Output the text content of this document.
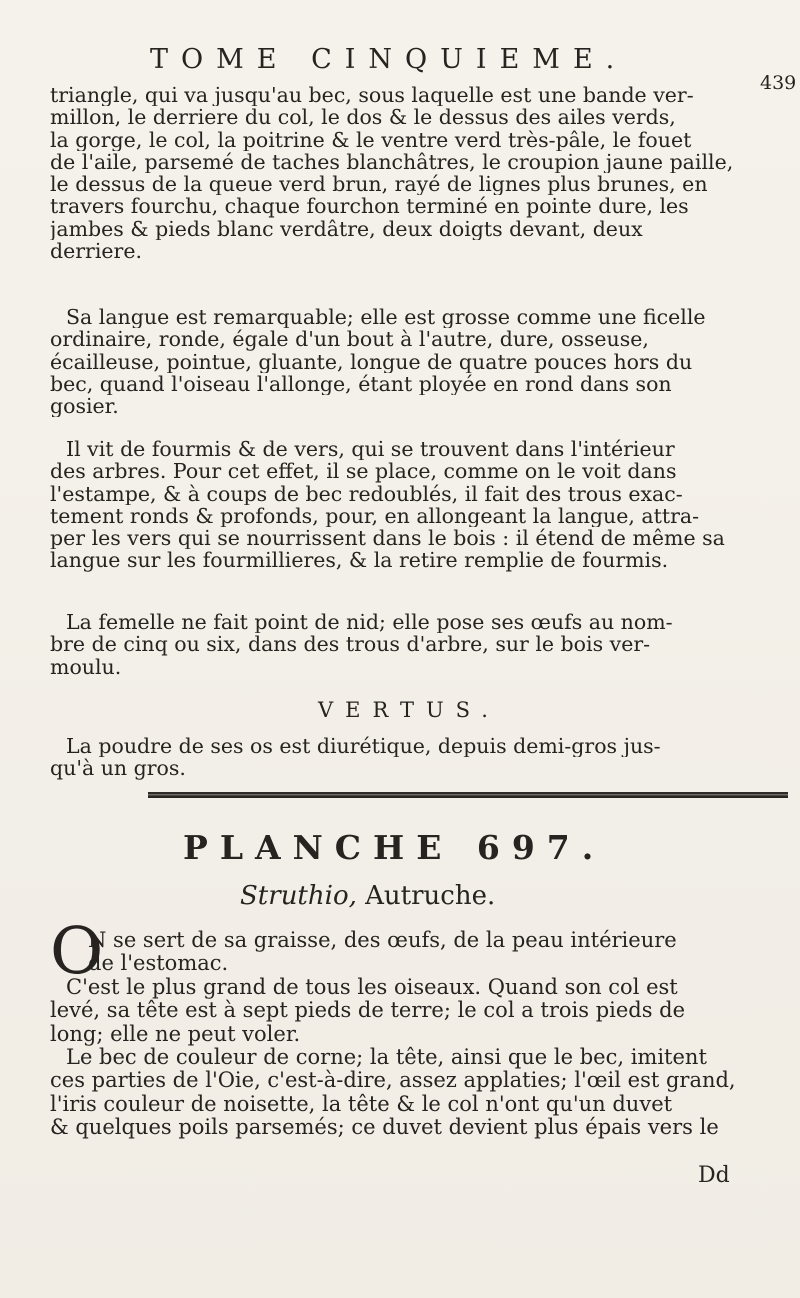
TOME CINQUIEME.
439
triangle, qui va jusqu'au bec, sous laquelle est une bande ver-
millon, le derriere du col, le dos & le dessus des ailes verds,
la gorge, le col, la poitrine & le ventre verd très-pâle, le fouet
de l'aile, parsemé de taches blanchâtres, le croupion jaune paille,
le dessus de la queue verd brun, rayé de lignes plus brunes, en
travers fourchu, chaque fourchon terminé en pointe dure, les
jambes & pieds blanc verdâtre, deux doigts devant, deux
derriere.
Sa langue est remarquable; elle est grosse comme une ficelle
ordinaire, ronde, égale d'un bout à l'autre, dure, osseuse,
écailleuse, pointue, gluante, longue de quatre pouces hors du
bec, quand l'oiseau l'allonge, étant ployée en rond dans son
gosier.
Il vit de fourmis & de vers, qui se trouvent dans l'intérieur
des arbres. Pour cet effet, il se place, comme on le voit dans
l'estampe, & à coups de bec redoublés, il fait des trous exac-
tement ronds & profonds, pour, en allongeant la langue, attra-
per les vers qui se nourrissent dans le bois : il étend de même sa
langue sur les fourmillieres, & la retire remplie de fourmis.
La femelle ne fait point de nid; elle pose ses œufs au nom-
bre de cinq ou six, dans des trous d'arbre, sur le bois ver-
moulu.
VERTUS.
La poudre de ses os est diurétique, depuis demi-gros jus-
qu'à un gros.
PLANCHE 697.
Struthio, Autruche.
O
N se sert de sa graisse, des œufs, de la peau intérieure
de l'estomac.
C'est le plus grand de tous les oiseaux. Quand son col est
levé, sa tête est à sept pieds de terre; le col a trois pieds de
long; elle ne peut voler.
Le bec de couleur de corne; la tête, ainsi que le bec, imitent
ces parties de l'Oie, c'est-à-dire, assez applaties; l'œil est grand,
l'iris couleur de noisette, la tête & le col n'ont qu'un duvet
& quelques poils parsemés; ce duvet devient plus épais vers le
Dd
